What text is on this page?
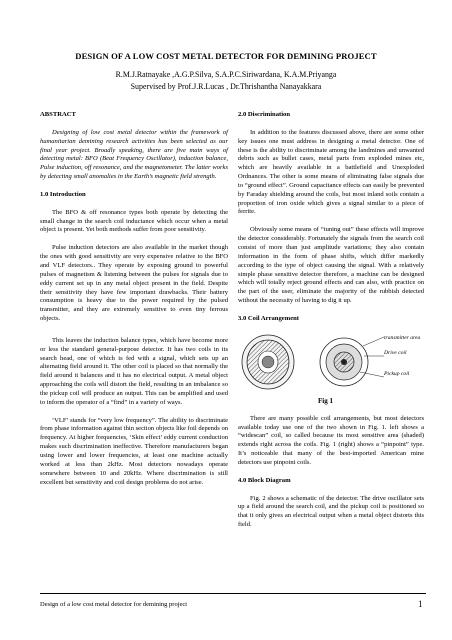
DESIGN OF A LOW COST METAL DETECTOR FOR DEMINING PROJECT
R.M.J.Ratnayake ,A.G.P.Silva, S.A.P.C.Siriwardana, K.A.M.Priyanga
Supervised by Prof.J.R.Lucas , Dr.Thrishantha Nanayakkara
ABSTRACT

Designing of low cost metal detector within the framework of humanitarian demining research activities has been selected as our final year project. Broadly speaking, there are five main ways of detecting metal: BFO (Beat Frequency Oscillator), induction balance, Pulse induction, off resonance, and the magnetometer. The latter works by detecting small anomalies in the Earth’s magnetic field strength.

1.0 Introduction

The BFO & off resonance types both operate by detecting the small change in the search coil inductance which occur when a metal object is present. Yet both methods suffer from poor sensitivity.

Pulse induction detectors are also available in the market though the ones with good sensitivity are very expensive relative to the BFO and VLF detectors.. They operate by exposing ground to powerful pulses of magnetism & listening between the pulses for signals due to eddy current set up in any metal object present in the field. Despite their sensitivity they have few important drawbacks. Their battery consumption is heavy due to the power required by the pulsed transmitter, and they are extremely sensitive to even tiny ferrous objects.

This leaves the induction balance types, which have become more or less the standard general-purpose detector. It has two coils in its search head, one of which is fed with a signal, which sets up an alternating field around it. The other coil is placed so that normally the field around it balances and it has no electrical output. A metal object approaching the coils will distort the field, resulting in an imbalance so the pickup coil will produce an output. This can be amplified and used to inform the operator of a “find” in a variety of ways.

‘VLF’ stands for “very low frequency”. The ability to discriminate from phase information against thin section objects like foil depends on frequency. At higher frequencies, ‘Skin effect’ eddy current conduction makes such discrimination ineffective. Therefore manufacturers began using lower and lower frequencies, at least one machine actually worked at less than 2kHz. Most detectors nowadays operate somewhere between 10 and 20kHz. Where discrimination is still excellent but sensitivity and coil design problems do not arise.

2.0 Discrimination

In addition to the features discussed above, there are some other key issues one must address in designing a metal detector. One of these is the ability to discriminate among the landmines and unwanted debris such as bullet cases, metal parts from exploded mines etc, which are heavily available in a battlefield and Unexploded Ordnances. The other is some means of eliminating false signals due to “ground effect”. Ground capacitance effects can easily be prevented by Faraday shielding around the coils, but most inland soils contain a proportion of iron oxide which gives a signal similar to a piece of ferrite.

Obviously some means of “tuning out” these effects will improve the detector considerably. Fortunately the signals from the search coil consist of more than just amplitude variations; they also contain information in the form of phase shifts, which differ markedly according to the type of object causing the signal. With a relatively simple phase sensitive detector therefore, a machine can be designed which will totally reject ground effects and can also, with practice on the part of the user, eliminate the majority of the rubbish detected without the necessity of having to dig it up.

3.0 Coil Arrangement
transmitter area
Drive coil
Pickup coil
Fig 1

There are many possible coil arrangements, but most detectors available today use one of the two shown in Fig. 1. left shows a “widescan” coil, so called because its most sensitive area (shaded) extends right across the coils. Fig. 1 (right) shows a “pinpoint” type. It’s noticeable that many of the best-imported American mine detectors use pinpoint coils.

4.0 Block Diagram

Fig. 2 shows a schematic of the detector. The drive oscillator sets up a field around the search coil, and the pickup coil is positioned so that it only gives an electrical output when a metal object distorts this field.

Design of a low cost metal detector for demining project	1
